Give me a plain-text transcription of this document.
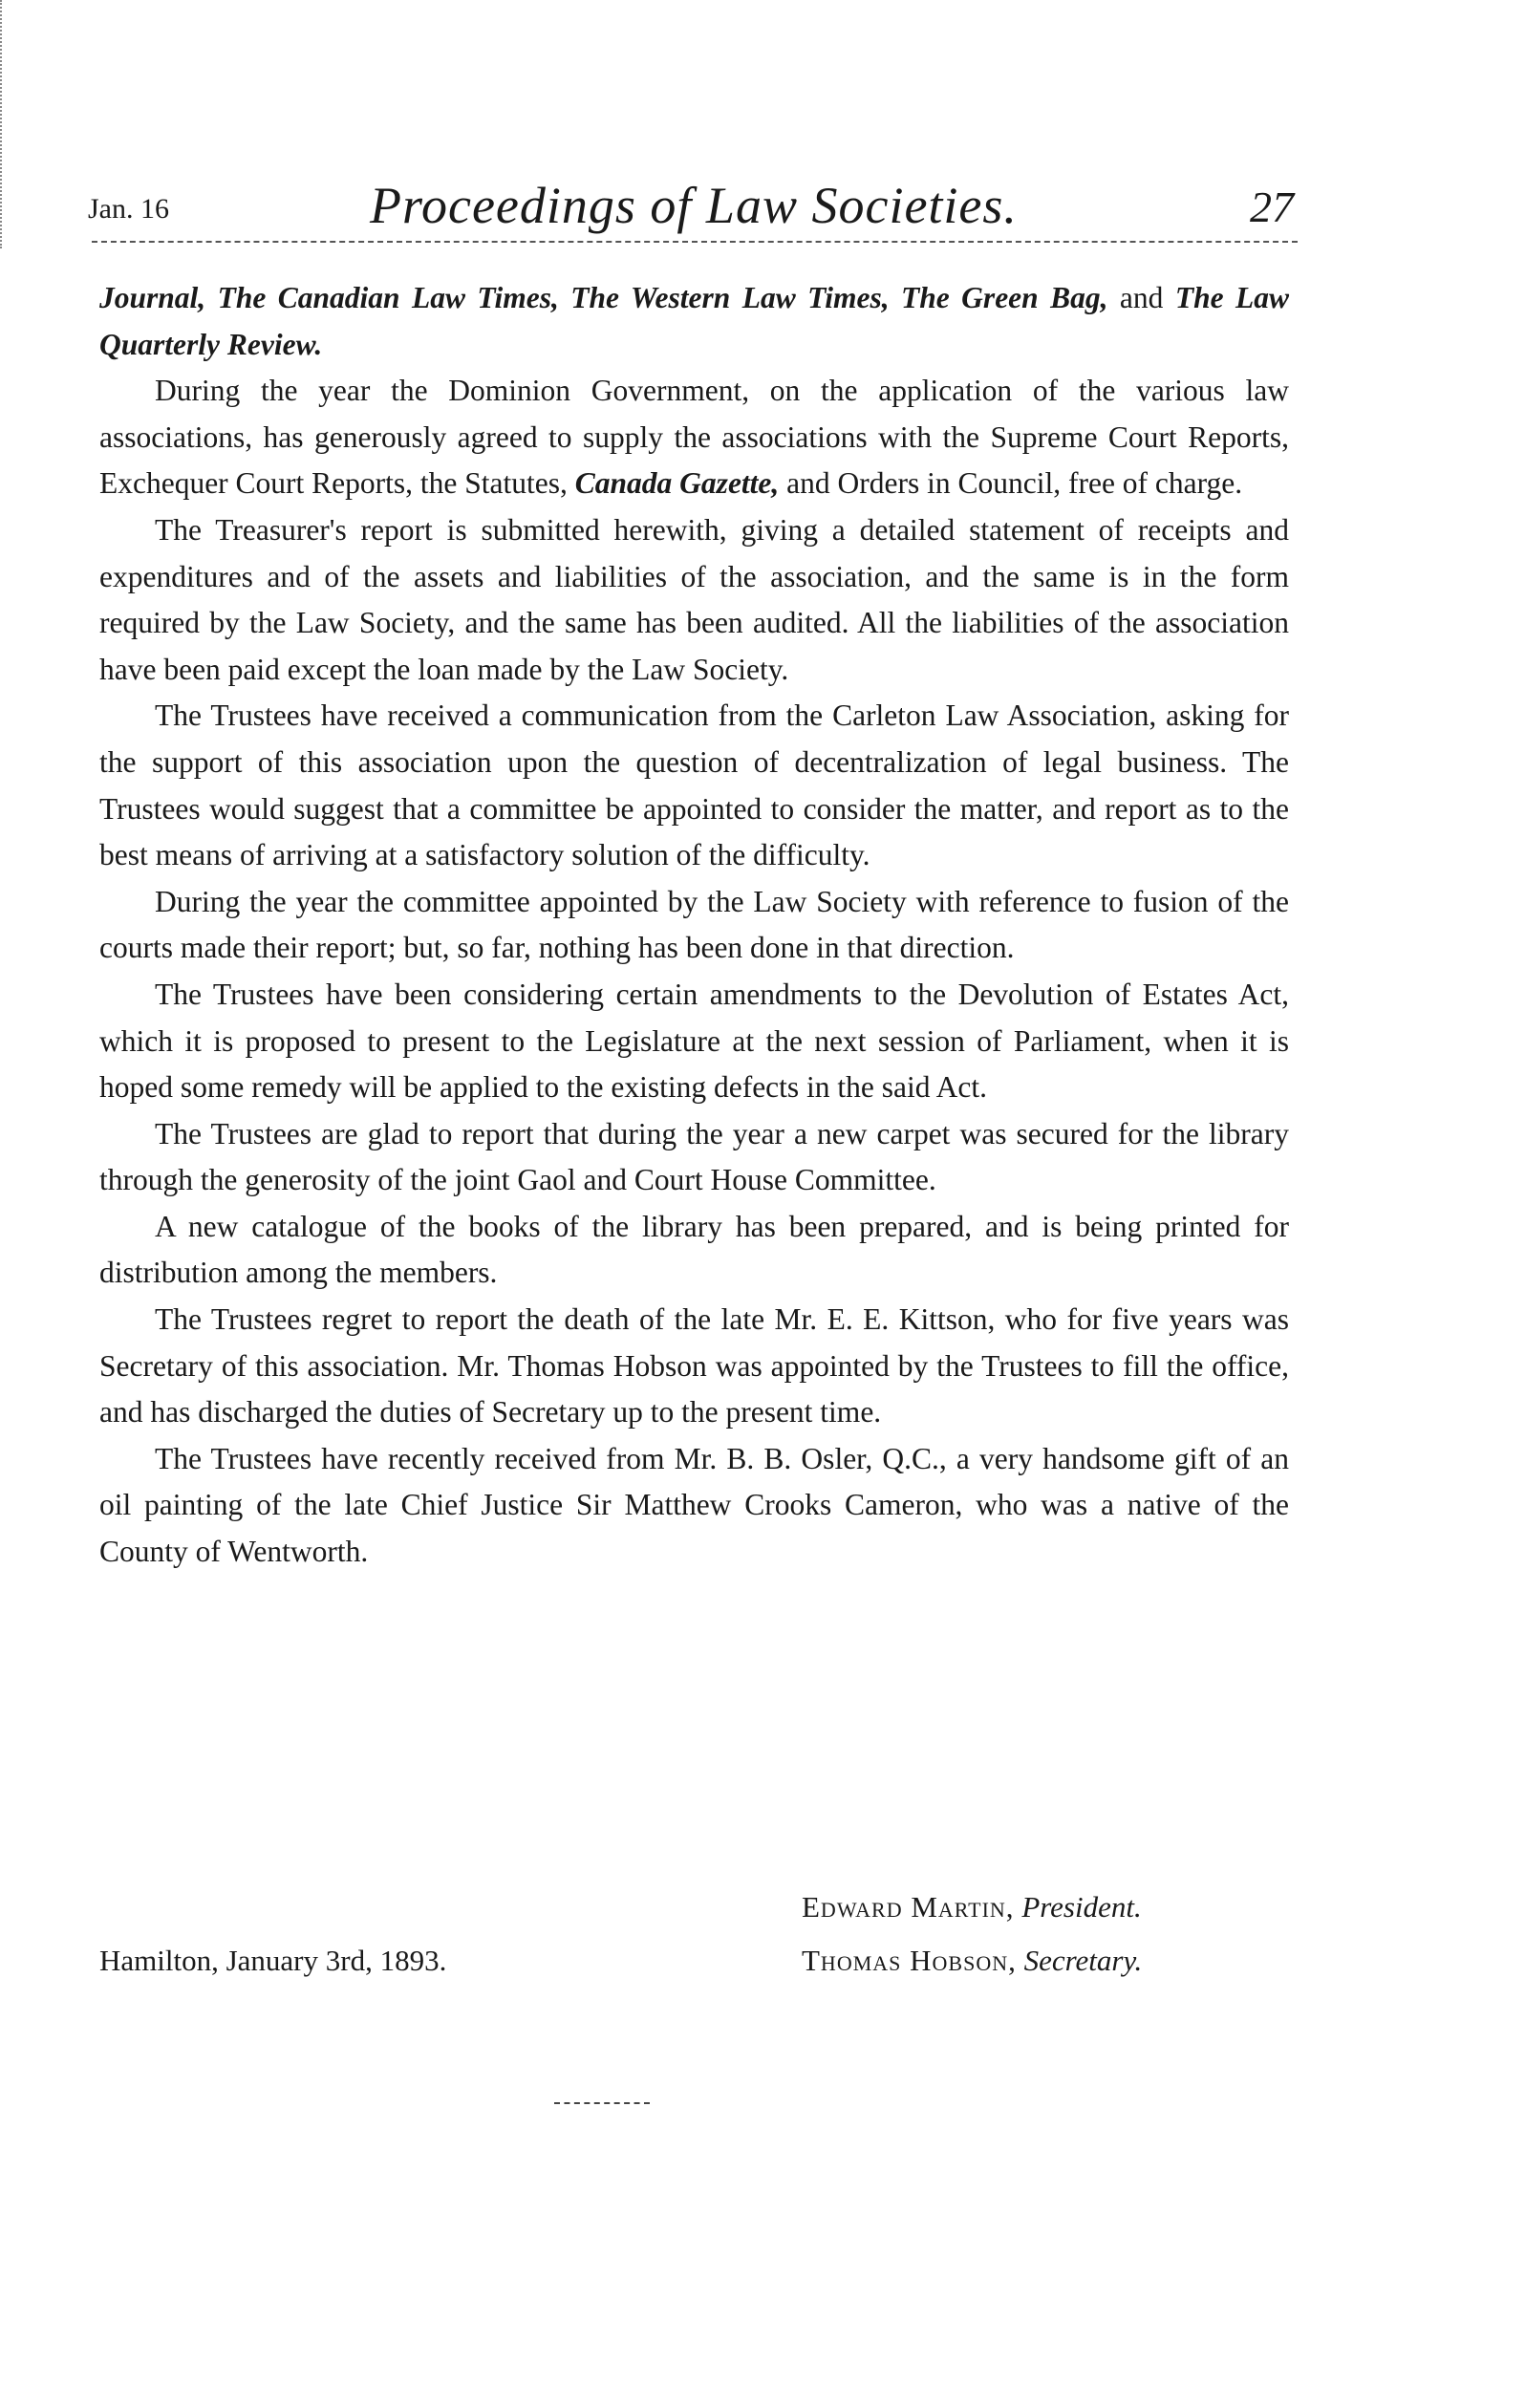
Jan. 16	Proceedings of Law Societies.	27

Journal, The Canadian Law Times, The Western Law Times, The Green Bag, and The Law Quarterly Review.

During the year the Dominion Government, on the application of the various law associations, has generously agreed to supply the associations with the Supreme Court Reports, Exchequer Court Reports, the Statutes, Canada Gazette, and Orders in Council, free of charge.

The Treasurer's report is submitted herewith, giving a detailed statement of receipts and expenditures and of the assets and liabilities of the association, and the same is in the form required by the Law Society, and the same has been audited. All the liabilities of the association have been paid except the loan made by the Law Society.

The Trustees have received a communication from the Carleton Law Association, asking for the support of this association upon the question of decentralization of legal business. The Trustees would suggest that a committee be appointed to consider the matter, and report as to the best means of arriving at a satisfactory solution of the difficulty.

During the year the committee appointed by the Law Society with reference to fusion of the courts made their report; but, so far, nothing has been done in that direction.

The Trustees have been considering certain amendments to the Devolution of Estates Act, which it is proposed to present to the Legislature at the next session of Parliament, when it is hoped some remedy will be applied to the existing defects in the said Act.

The Trustees are glad to report that during the year a new carpet was secured for the library through the generosity of the joint Gaol and Court House Committee.

A new catalogue of the books of the library has been prepared, and is being printed for distribution among the members.

The Trustees regret to report the death of the late Mr. E. E. Kittson, who for five years was Secretary of this association. Mr. Thomas Hobson was appointed by the Trustees to fill the office, and has discharged the duties of Secretary up to the present time.

The Trustees have recently received from Mr. B. B. Osler, Q.C., a very handsome gift of an oil painting of the late Chief Justice Sir Matthew Crooks Cameron, who was a native of the County of Wentworth.

Hamilton, January 3rd, 1893.
Edward Martin, President.
Thomas Hobson, Secretary.
